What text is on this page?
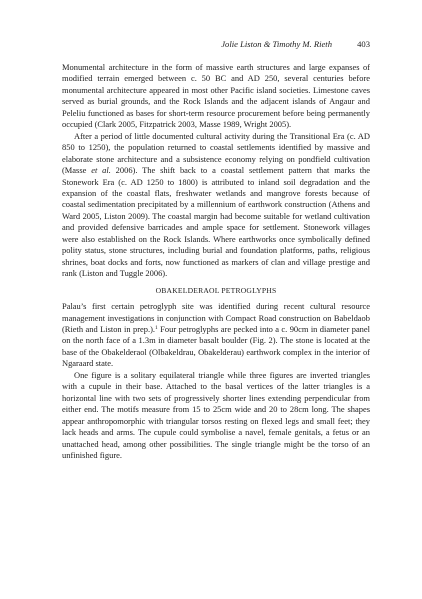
Jolie Liston & Timothy M. Rieth	403

Monumental architecture in the form of massive earth structures and large expanses of modified terrain emerged between c. 50 BC and AD 250, several centuries before monumental architecture appeared in most other Pacific island societies. Limestone caves served as burial grounds, and the Rock Islands and the adjacent islands of Angaur and Peleliu functioned as bases for short-term resource procurement before being permanently occupied (Clark 2005, Fitzpatrick 2003, Masse 1989, Wright 2005).

After a period of little documented cultural activity during the Transitional Era (c. AD 850 to 1250), the population returned to coastal settlements identified by massive and elaborate stone architecture and a subsistence economy relying on pondfield cultivation (Masse et al. 2006). The shift back to a coastal settlement pattern that marks the Stonework Era (c. AD 1250 to 1800) is attributed to inland soil degradation and the expansion of the coastal flats, freshwater wetlands and mangrove forests because of coastal sedimentation precipitated by a millennium of earthwork construction (Athens and Ward 2005, Liston 2009). The coastal margin had become suitable for wetland cultivation and provided defensive barricades and ample space for settlement. Stonework villages were also established on the Rock Islands. Where earthworks once symbolically defined polity status, stone structures, including burial and foundation platforms, paths, religious shrines, boat docks and forts, now functioned as markers of clan and village prestige and rank (Liston and Tuggle 2006).

OBAKELDERAOL PETROGLYPHS

Palau’s first certain petroglyph site was identified during recent cultural resource management investigations in conjunction with Compact Road construction on Babeldaob (Rieth and Liston in prep.).$^1$ Four petroglyphs are pecked into a c. 90cm in diameter panel on the north face of a 1.3m in diameter basalt boulder (Fig. 2). The stone is located at the base of the Obakelderaol (Olbakeldrau, Obakelderau) earthwork complex in the interior of Ngaraard state.

One figure is a solitary equilateral triangle while three figures are inverted triangles with a cupule in their base. Attached to the basal vertices of the latter triangles is a horizontal line with two sets of progressively shorter lines extending perpendicular from either end. The motifs measure from 15 to 25cm wide and 20 to 28cm long. The shapes appear anthropomorphic with triangular torsos resting on flexed legs and small feet; they lack heads and arms. The cupule could symbolise a navel, female genitals, a fetus or an unattached head, among other possibilities. The single triangle might be the torso of an unfinished figure.
